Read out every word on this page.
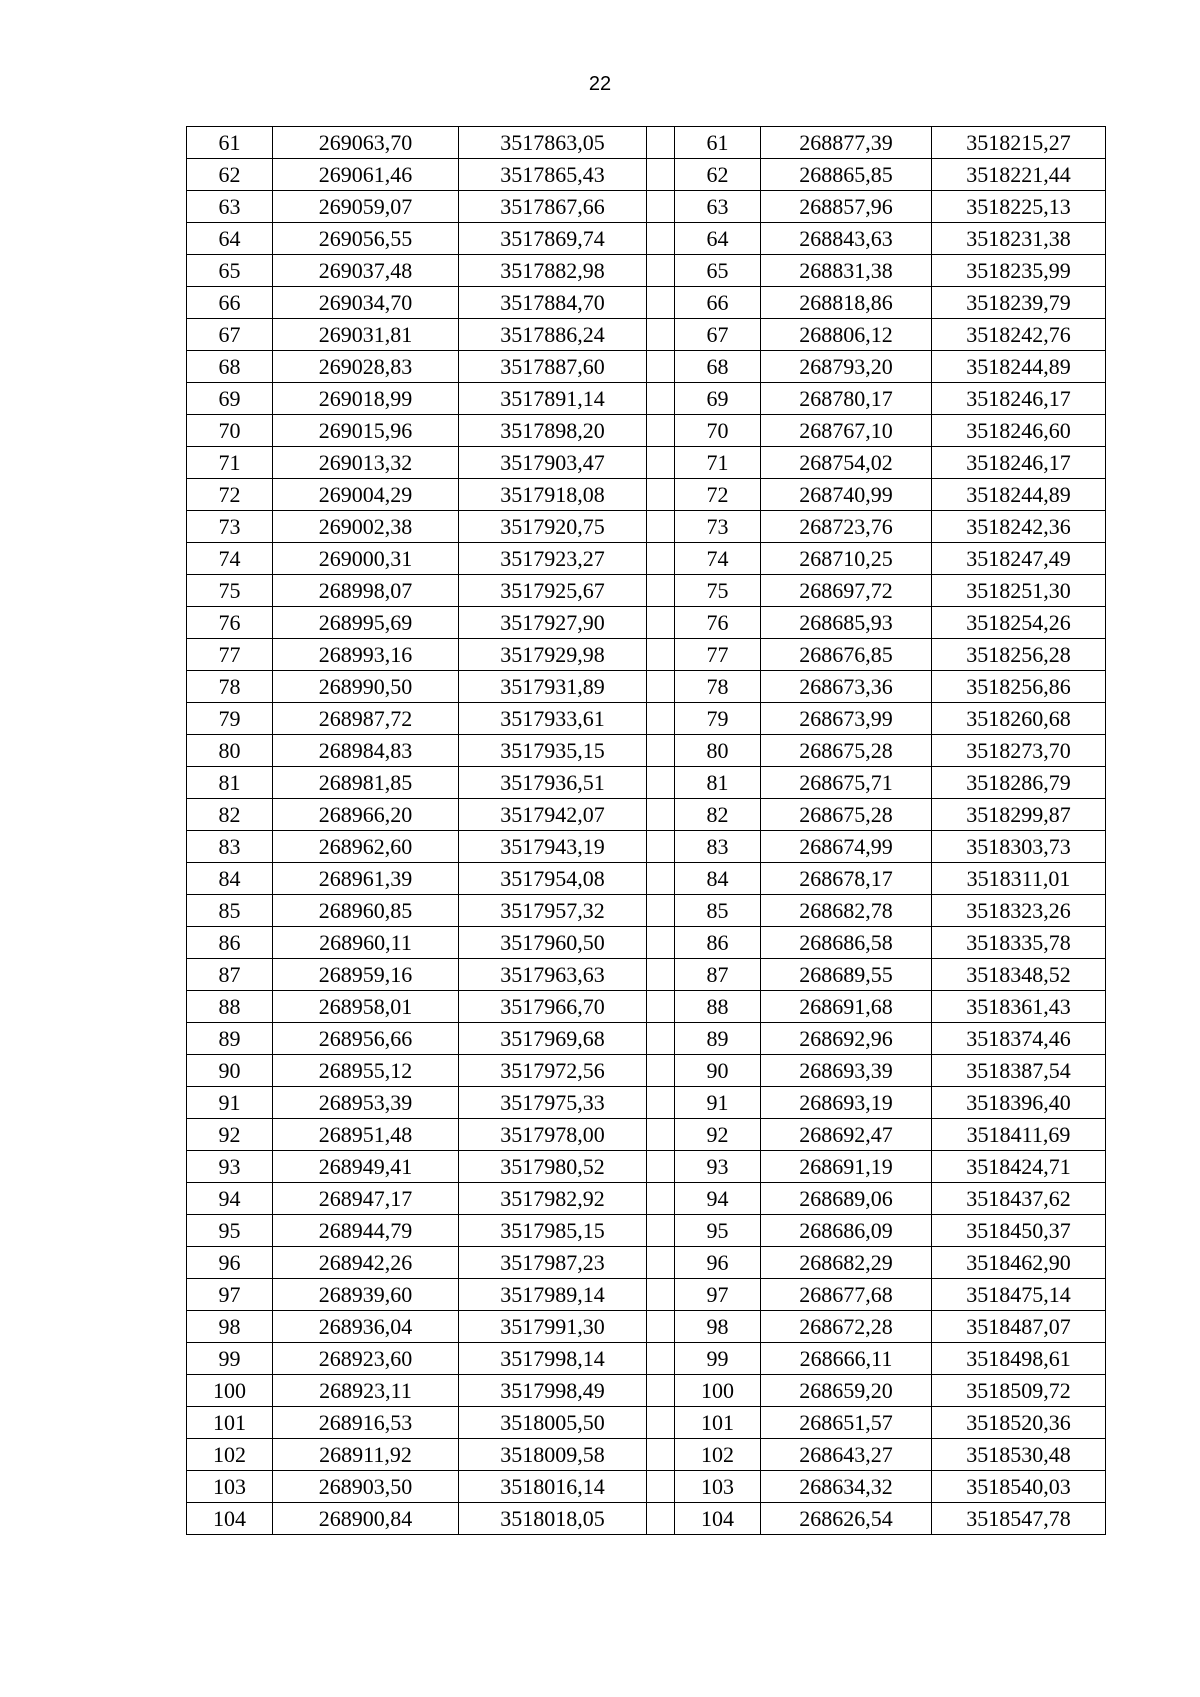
22
61	269063,70	3517863,05		61	268877,39	3518215,27
62	269061,46	3517865,43		62	268865,85	3518221,44
63	269059,07	3517867,66		63	268857,96	3518225,13
64	269056,55	3517869,74		64	268843,63	3518231,38
65	269037,48	3517882,98		65	268831,38	3518235,99
66	269034,70	3517884,70		66	268818,86	3518239,79
67	269031,81	3517886,24		67	268806,12	3518242,76
68	269028,83	3517887,60		68	268793,20	3518244,89
69	269018,99	3517891,14		69	268780,17	3518246,17
70	269015,96	3517898,20		70	268767,10	3518246,60
71	269013,32	3517903,47		71	268754,02	3518246,17
72	269004,29	3517918,08		72	268740,99	3518244,89
73	269002,38	3517920,75		73	268723,76	3518242,36
74	269000,31	3517923,27		74	268710,25	3518247,49
75	268998,07	3517925,67		75	268697,72	3518251,30
76	268995,69	3517927,90		76	268685,93	3518254,26
77	268993,16	3517929,98		77	268676,85	3518256,28
78	268990,50	3517931,89		78	268673,36	3518256,86
79	268987,72	3517933,61		79	268673,99	3518260,68
80	268984,83	3517935,15		80	268675,28	3518273,70
81	268981,85	3517936,51		81	268675,71	3518286,79
82	268966,20	3517942,07		82	268675,28	3518299,87
83	268962,60	3517943,19		83	268674,99	3518303,73
84	268961,39	3517954,08		84	268678,17	3518311,01
85	268960,85	3517957,32		85	268682,78	3518323,26
86	268960,11	3517960,50		86	268686,58	3518335,78
87	268959,16	3517963,63		87	268689,55	3518348,52
88	268958,01	3517966,70		88	268691,68	3518361,43
89	268956,66	3517969,68		89	268692,96	3518374,46
90	268955,12	3517972,56		90	268693,39	3518387,54
91	268953,39	3517975,33		91	268693,19	3518396,40
92	268951,48	3517978,00		92	268692,47	3518411,69
93	268949,41	3517980,52		93	268691,19	3518424,71
94	268947,17	3517982,92		94	268689,06	3518437,62
95	268944,79	3517985,15		95	268686,09	3518450,37
96	268942,26	3517987,23		96	268682,29	3518462,90
97	268939,60	3517989,14		97	268677,68	3518475,14
98	268936,04	3517991,30		98	268672,28	3518487,07
99	268923,60	3517998,14		99	268666,11	3518498,61
100	268923,11	3517998,49		100	268659,20	3518509,72
101	268916,53	3518005,50		101	268651,57	3518520,36
102	268911,92	3518009,58		102	268643,27	3518530,48
103	268903,50	3518016,14		103	268634,32	3518540,03
104	268900,84	3518018,05		104	268626,54	3518547,78
